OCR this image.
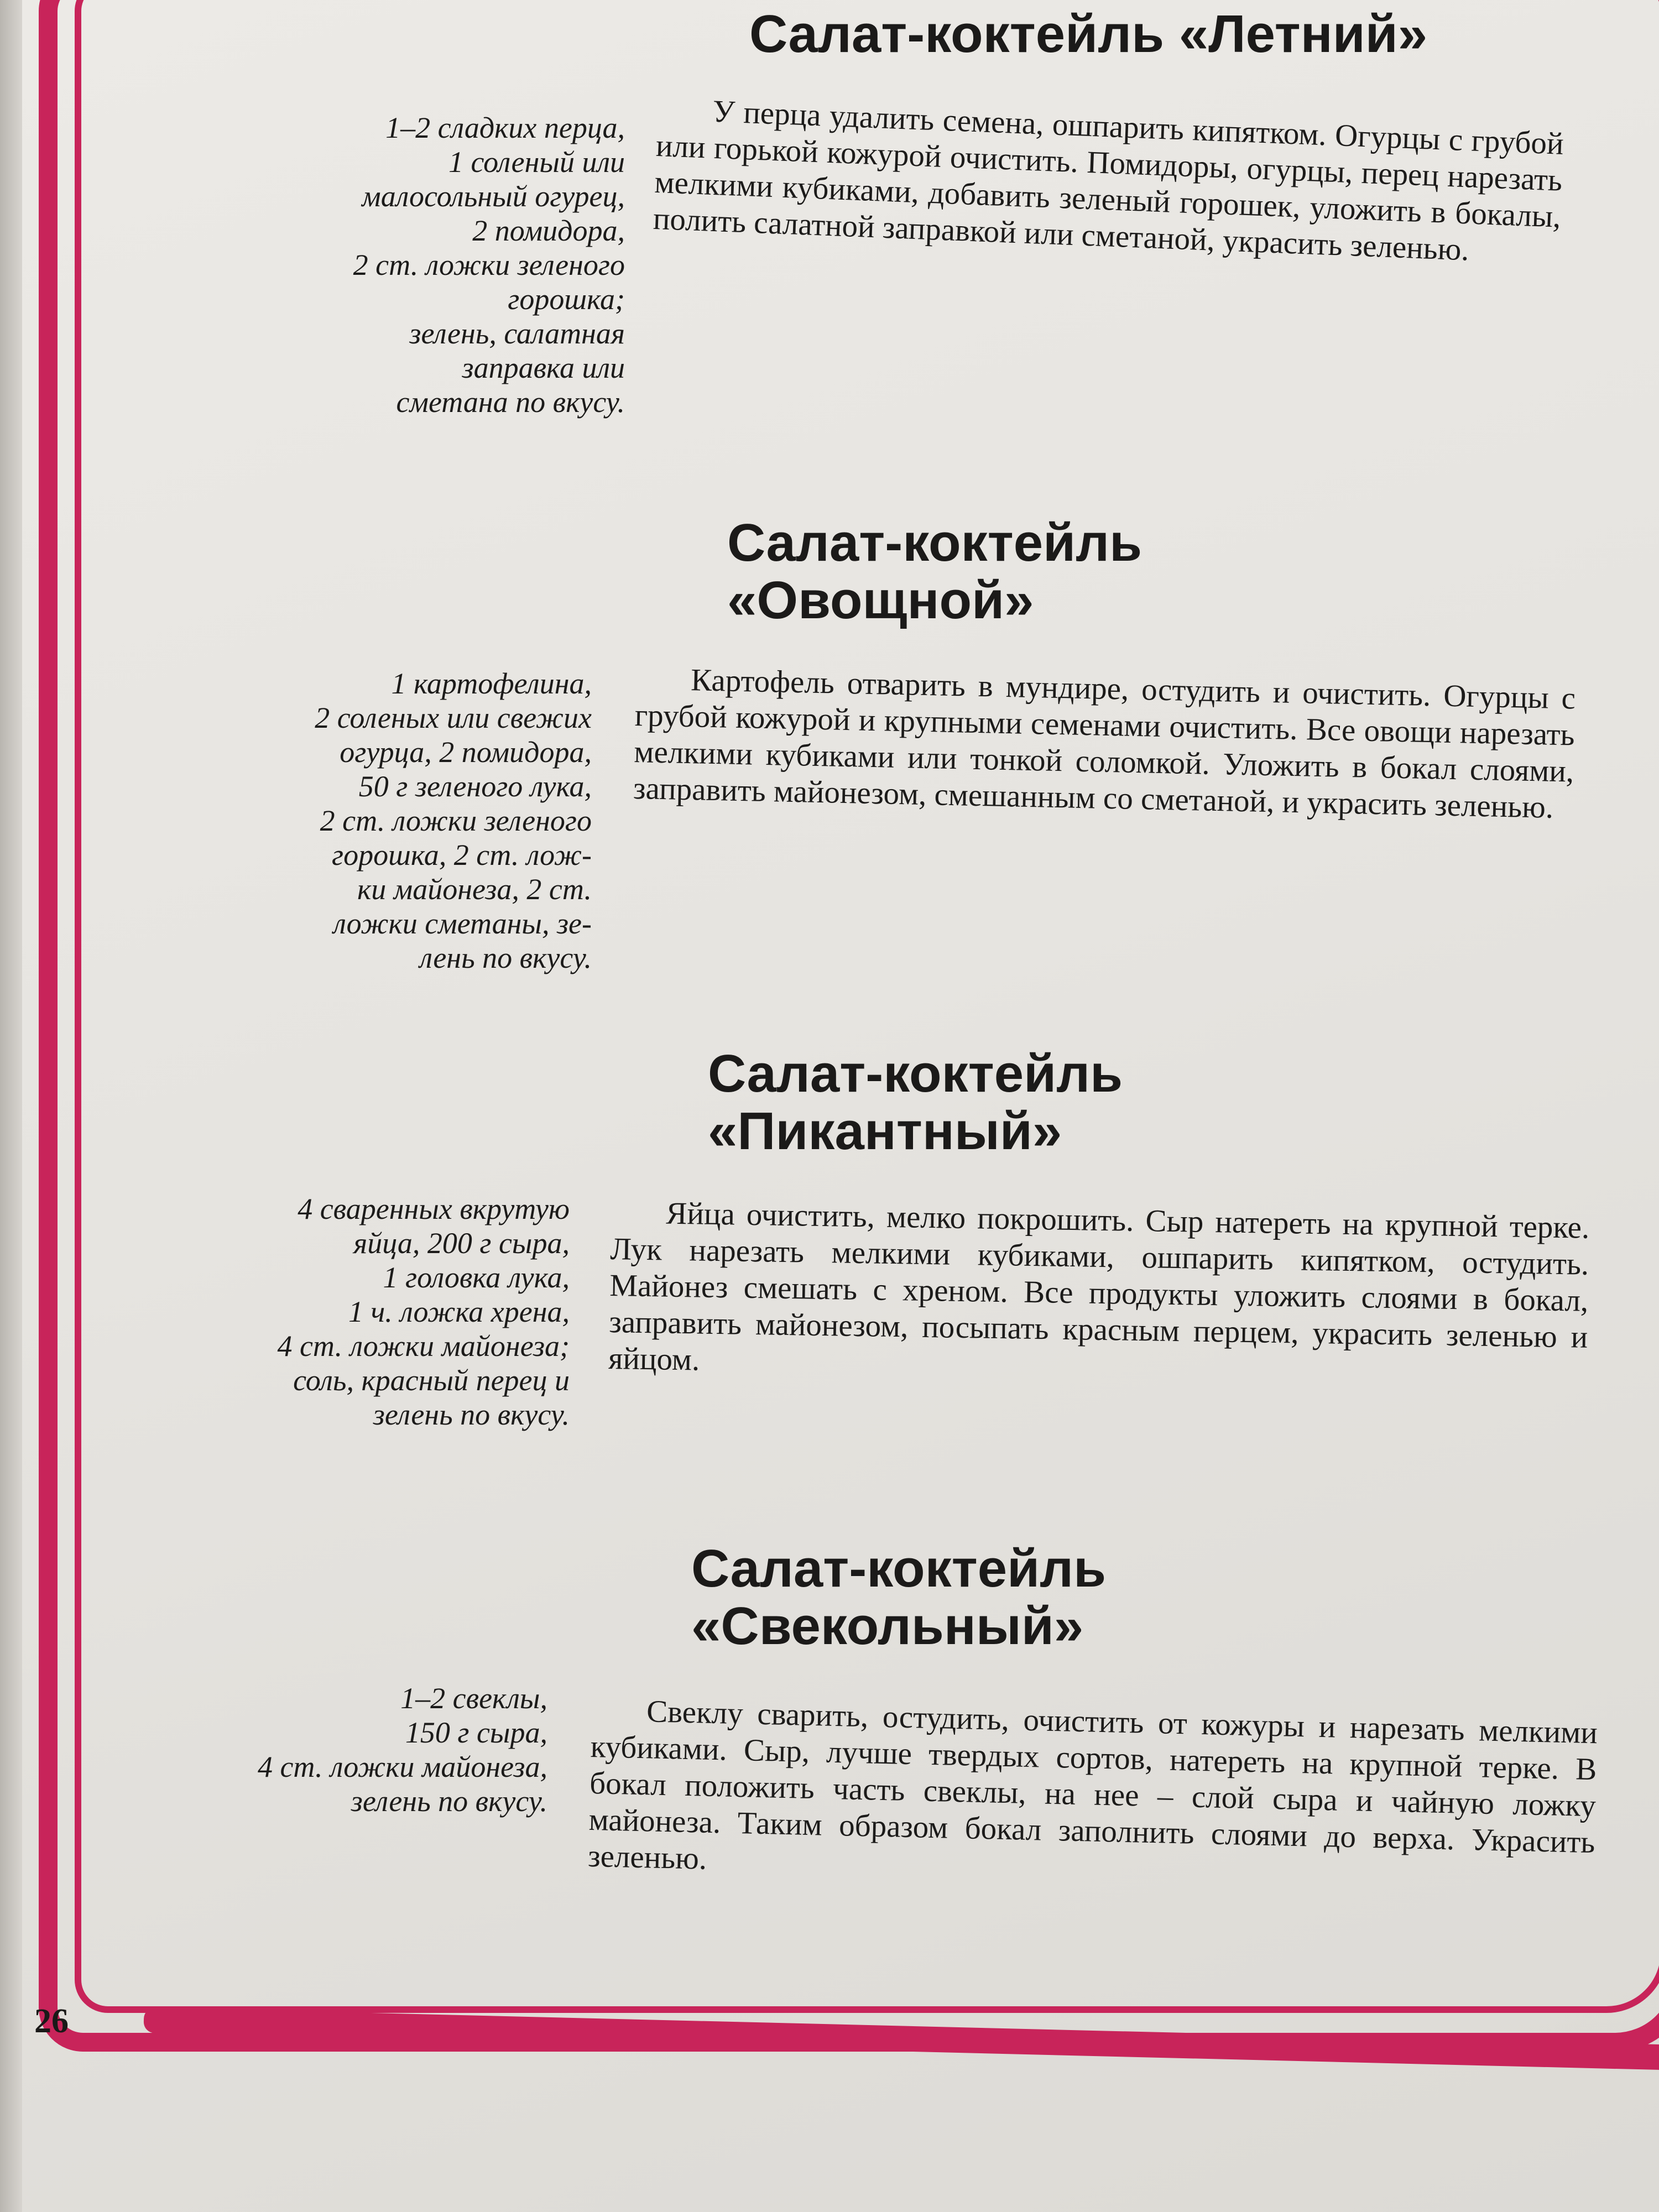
Салат-коктейль «Летний»

1–2 сладких перца,
1 соленый или
малосольный огурец,
2 помидора,
2 ст. ложки зеленого
горошка;
зелень, салатная
заправка или
сметана по вкусу.

У перца удалить семена, ошпарить кипятком. Огурцы с грубой или горькой кожурой очистить. Помидоры, огурцы, перец нарезать мелкими кубиками, добавить зеленый горошек, уложить в бокалы, полить салатной заправкой или сметаной, украсить зеленью.

Салат-коктейль
«Овощной»

1 картофелина,
2 соленых или свежих
огурца, 2 помидора,
50 г зеленого лука,
2 ст. ложки зеленого
горошка, 2 ст. лож-
ки майонеза, 2 ст.
ложки сметаны, зе-
лень по вкусу.

Картофель отварить в мундире, остудить и очистить. Огурцы с грубой кожурой и крупными семенами очистить. Все овощи нарезать мелкими кубиками или тонкой соломкой. Уложить в бокал слоями, заправить майонезом, смешанным со сметаной, и украсить зеленью.

Салат-коктейль
«Пикантный»

4 сваренных вкрутую
яйца, 200 г сыра,
1 головка лука,
1 ч. ложка хрена,
4 ст. ложки майонеза;
соль, красный перец и
зелень по вкусу.

Яйца очистить, мелко покрошить. Сыр натереть на крупной терке. Лук нарезать мелкими кубиками, ошпарить кипятком, остудить. Майонез смешать с хреном. Все продукты уложить слоями в бокал, заправить майонезом, посыпать красным перцем, украсить зеленью и яйцом.

Салат-коктейль
«Свекольный»

1–2 свеклы,
150 г сыра,
4 ст. ложки майонеза,
зелень по вкусу.

Свеклу сварить, остудить, очистить от кожуры и нарезать мелкими кубиками. Сыр, лучше твердых сортов, натереть на крупной терке. В бокал положить часть свеклы, на нее – слой сыра и чайную ложку майонеза. Таким образом бокал заполнить слоями до верха. Украсить зеленью.

26
